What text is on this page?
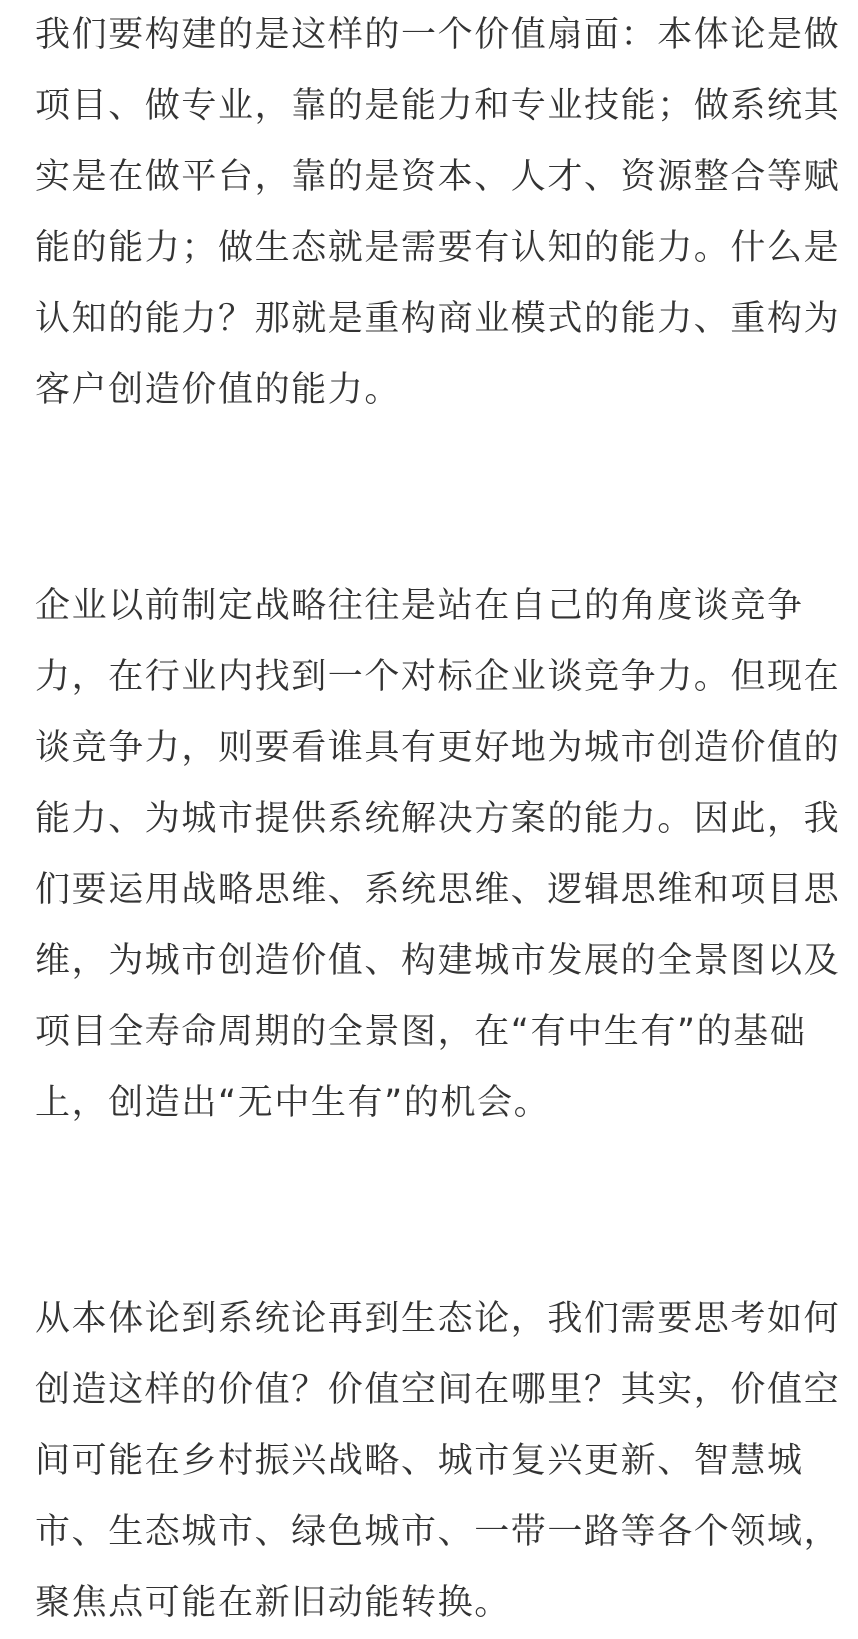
我们要构建的是这样的一个价值扇面：本体论是做
项目、做专业，靠的是能力和专业技能；做系统其
实是在做平台，靠的是资本、人才、资源整合等赋
能的能力；做生态就是需要有认知的能力。什么是
认知的能力？那就是重构商业模式的能力、重构为
客户创造价值的能力。
企业以前制定战略往往是站在自己的角度谈竞争
力，在行业内找到一个对标企业谈竞争力。但现在
谈竞争力，则要看谁具有更好地为城市创造价值的
能力、为城市提供系统解决方案的能力。因此，我
们要运用战略思维、系统思维、逻辑思维和项目思
维，为城市创造价值、构建城市发展的全景图以及
项目全寿命周期的全景图，在“有中生有”的基础
上，创造出“无中生有”的机会。
从本体论到系统论再到生态论，我们需要思考如何
创造这样的价值？价值空间在哪里？其实，价值空
间可能在乡村振兴战略、城市复兴更新、智慧城
市、生态城市、绿色城市、一带一路等各个领域，
聚焦点可能在新旧动能转换。
